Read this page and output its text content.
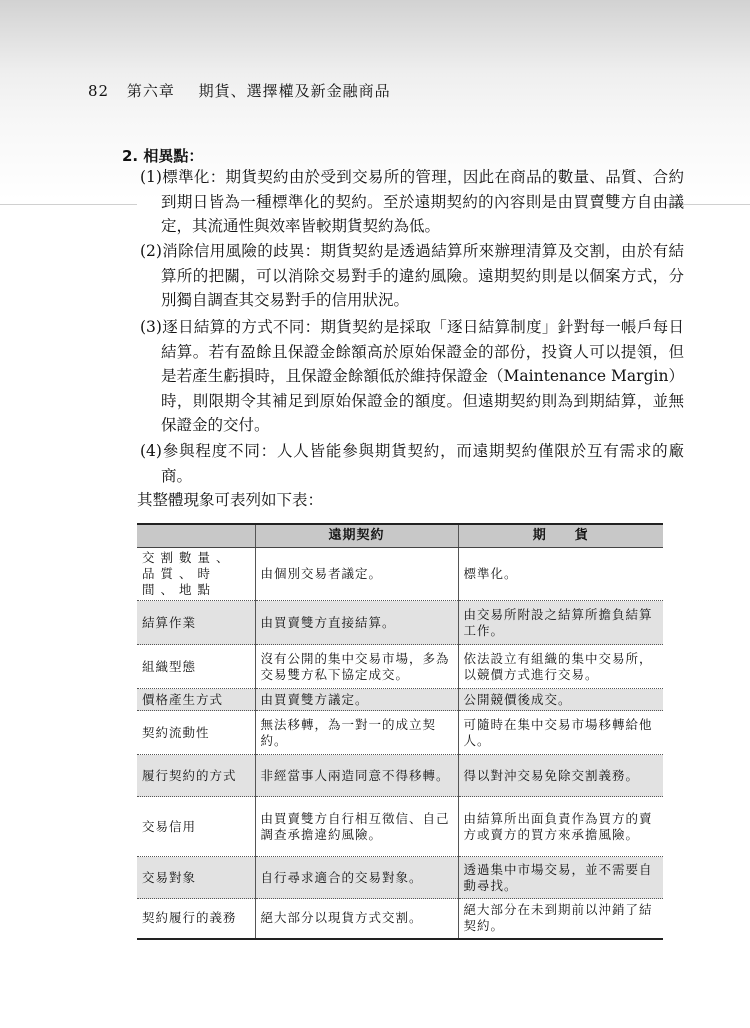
82 第六章 期貨、選擇權及新金融商品
2. 相異點：
(1)標準化：期貨契約由於受到交易所的管理，因此在商品的數量、品質、合約到期日皆為一種標準化的契約。至於遠期契約的內容則是由買賣雙方自由議定，其流通性與效率皆較期貨契約為低。
(2)消除信用風險的歧異：期貨契約是透過結算所來辦理清算及交割，由於有結算所的把關，可以消除交易對手的違約風險。遠期契約則是以個案方式，分別獨自調查其交易對手的信用狀況。
(3)逐日結算的方式不同：期貨契約是採取「逐日結算制度」針對每一帳戶每日結算。若有盈餘且保證金餘額高於原始保證金的部份，投資人可以提領，但是若產生虧損時，且保證金餘額低於維持保證金（Maintenance Margin）時，則限期令其補足到原始保證金的額度。但遠期契約則為到期結算，並無保證金的交付。
(4)參與程度不同：人人皆能參與期貨契約，而遠期契約僅限於互有需求的廠商。
其整體現象可表列如下表：
	遠期契約	期　　貨
交割數量、品質、時間、地點	由個別交易者議定。	標準化。
結算作業	由買賣雙方直接結算。	由交易所附設之結算所擔負結算工作。
組織型態	沒有公開的集中交易市場，多為交易雙方私下協定成交。	依法設立有組織的集中交易所，以競價方式進行交易。
價格產生方式	由買賣雙方議定。	公開競價後成交。
契約流動性	無法移轉，為一對一的成立契約。	可隨時在集中交易市場移轉給他人。
履行契約的方式	非經當事人兩造同意不得移轉。	得以對沖交易免除交割義務。
交易信用	由買賣雙方自行相互徵信、自己調查承擔違約風險。	由結算所出面負責作為買方的賣方或賣方的買方來承擔風險。
交易對象	自行尋求適合的交易對象。	透過集中市場交易，並不需要自動尋找。
契約履行的義務	絕大部分以現貨方式交割。	絕大部分在未到期前以沖銷了結契約。
